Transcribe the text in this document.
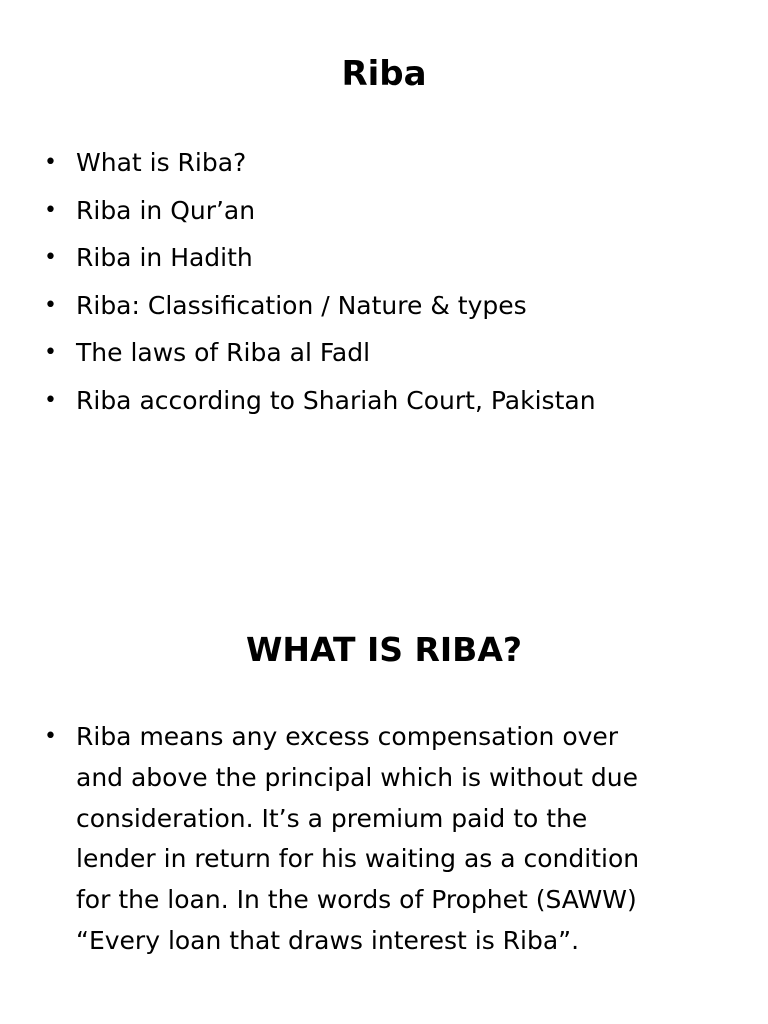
Riba
• What is Riba?
• Riba in Qur’an
• Riba in Hadith
• Riba: Classification / Nature & types
• The laws of Riba al Fadl
• Riba according to Shariah Court, Pakistan
WHAT IS RIBA?
• Riba means any excess compensation over
and above the principal which is without due
consideration. It’s a premium paid to the
lender in return for his waiting as a condition
for the loan. In the words of Prophet (SAWW)
“Every loan that draws interest is Riba”.
